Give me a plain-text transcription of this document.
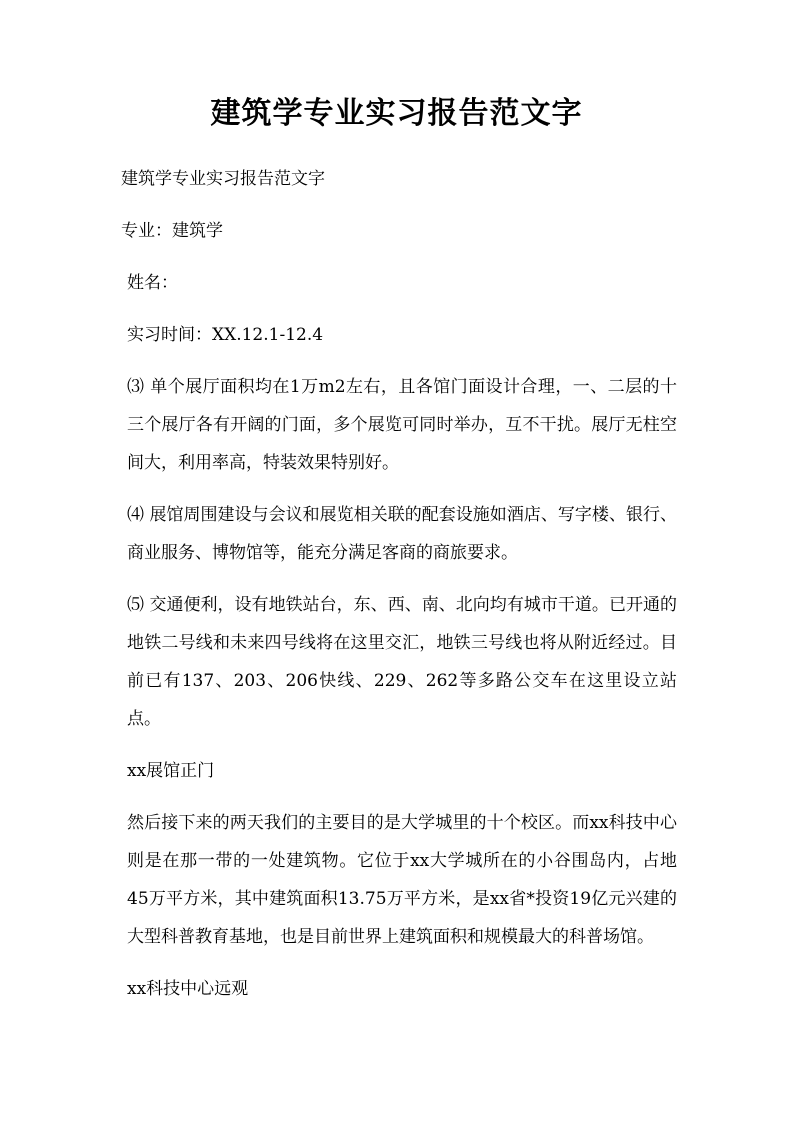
建筑学专业实习报告范文字

建筑学专业实习报告范文字

专业：建筑学

姓名：

实习时间：XX.12.1-12.4

⑶ 单个展厅面积均在1万m2左右，且各馆门面设计合理，一、二层的十三个展厅各有开阔的门面，多个展览可同时举办，互不干扰。展厅无柱空间大，利用率高，特装效果特别好。

⑷ 展馆周围建设与会议和展览相关联的配套设施如酒店、写字楼、银行、商业服务、博物馆等，能充分满足客商的商旅要求。

⑸ 交通便利，设有地铁站台，东、西、南、北向均有城市干道。已开通的地铁二号线和未来四号线将在这里交汇，地铁三号线也将从附近经过。目前已有137、203、206快线、229、262等多路公交车在这里设立站点。

xx展馆正门

然后接下来的两天我们的主要目的是大学城里的十个校区。而xx科技中心则是在那一带的一处建筑物。它位于xx大学城所在的小谷围岛内，占地45万平方米，其中建筑面积13.75万平方米，是xx省*投资19亿元兴建的大型科普教育基地，也是目前世界上建筑面积和规模最大的科普场馆。

xx科技中心远观
